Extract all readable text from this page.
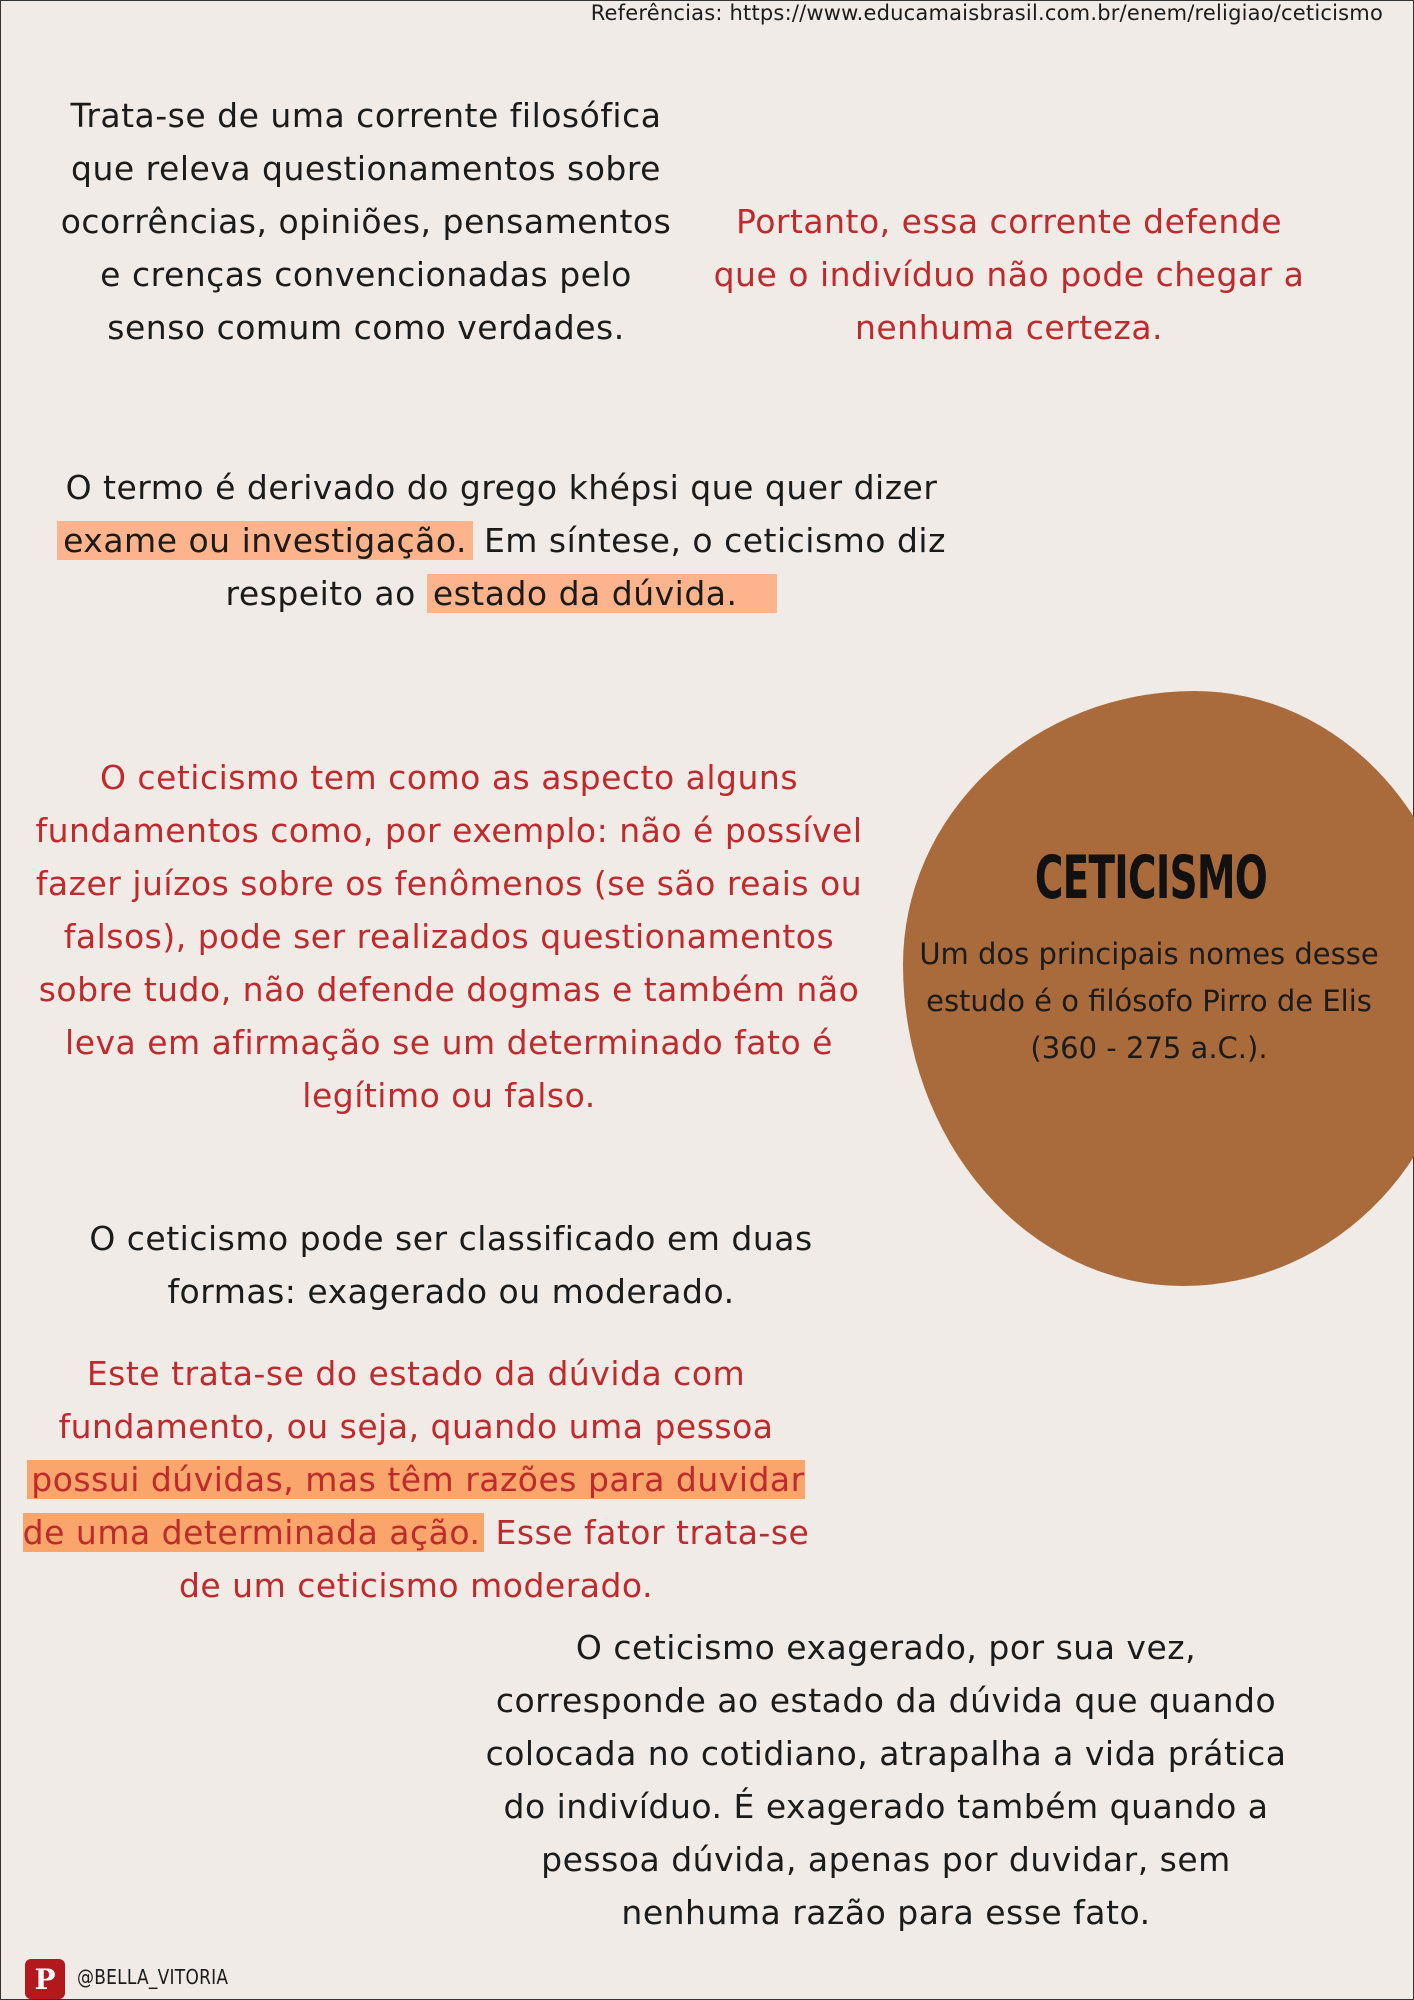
Referências: https://www.educamaisbrasil.com.br/enem/religiao/ceticismo
Trata-se de uma corrente filosófica que releva questionamentos sobre ocorrências, opiniões, pensamentos e crenças convencionadas pelo senso comum como verdades.
Portanto, essa corrente defende que o indivíduo não pode chegar a nenhuma certeza.
O termo é derivado do grego khépsi que quer dizer exame ou investigação. Em síntese, o ceticismo diz respeito ao estado da dúvida.
O ceticismo tem como as aspecto alguns fundamentos como, por exemplo: não é possível fazer juízos sobre os fenômenos (se são reais ou falsos), pode ser realizados questionamentos sobre tudo, não defende dogmas e também não leva em afirmação se um determinado fato é legítimo ou falso.
CETICISMO
Um dos principais nomes desse estudo é o filósofo Pirro de Elis (360 - 275 a.C.).
O ceticismo pode ser classificado em duas formas: exagerado ou moderado.
Este trata-se do estado da dúvida com fundamento, ou seja, quando uma pessoa possui dúvidas, mas têm razões para duvidar de uma determinada ação. Esse fator trata-se de um ceticismo moderado.
O ceticismo exagerado, por sua vez, corresponde ao estado da dúvida que quando colocada no cotidiano, atrapalha a vida prática do indivíduo. É exagerado também quando a pessoa dúvida, apenas por duvidar, sem nenhuma razão para esse fato.
P @BELLA_VITORIA
